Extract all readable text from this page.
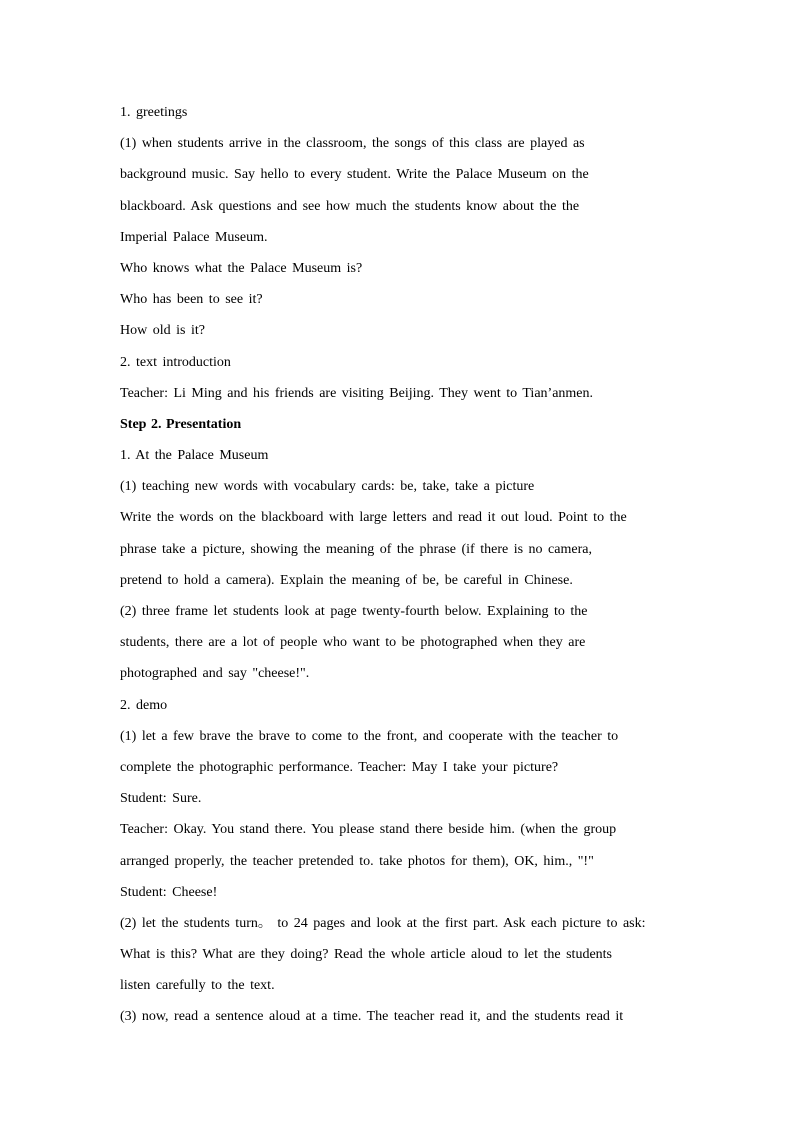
1. greetings
(1) when students arrive in the classroom, the songs of this class are played as
background music. Say hello to every student. Write the Palace Museum on the
blackboard. Ask questions and see how much the students know about the the
Imperial Palace Museum.
Who knows what the Palace Museum is?
Who has been to see it?
How old is it?
2. text introduction
Teacher: Li Ming and his friends are visiting Beijing. They went to Tian’anmen.
Step 2. Presentation
1. At the Palace Museum
(1) teaching new words with vocabulary cards: be, take, take a picture
Write the words on the blackboard with large letters and read it out loud. Point to the
phrase take a picture, showing the meaning of the phrase (if there is no camera,
pretend to hold a camera). Explain the meaning of be, be careful in Chinese.
(2) three frame let students look at page twenty-fourth below. Explaining to the
students, there are a lot of people who want to be photographed when they are
photographed and say "cheese!".
2. demo
(1) let a few brave the brave to come to the front, and cooperate with the teacher to
complete the photographic performance. Teacher: May I take your picture?
Student: Sure.
Teacher: Okay. You stand there. You please stand there beside him. (when the group
arranged properly, the teacher pretended to. take photos for them), OK, him., "!"
Student: Cheese!
(2) let the students turn。 to 24 pages and look at the first part. Ask each picture to ask:
What is this? What are they doing? Read the whole article aloud to let the students
listen carefully to the text.
(3) now, read a sentence aloud at a time. The teacher read it, and the students read it
